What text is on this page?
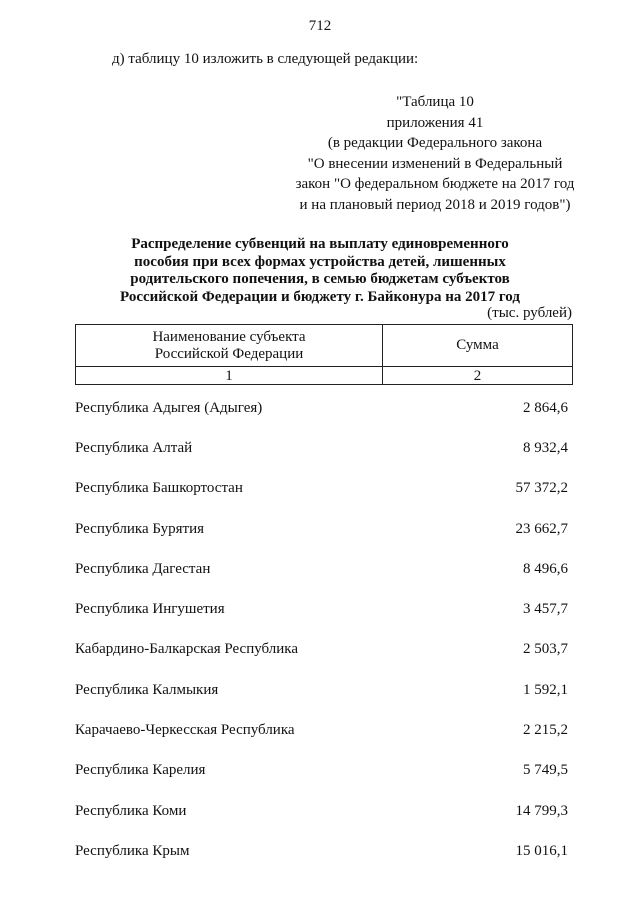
712
д) таблицу 10 изложить в следующей редакции:
"Таблица 10
приложения 41
(в редакции Федерального закона
"О внесении изменений в Федеральный
закон "О федеральном бюджете на 2017 год
и на плановый период 2018 и 2019 годов")
Распределение субвенций на выплату единовременного
пособия при всех формах устройства детей, лишенных
родительского попечения, в семью бюджетам субъектов
Российской Федерации и бюджету г. Байконура на 2017 год
(тыс. рублей)
Наименование субъекта
Российской Федерации	Сумма
1	2
Республика Адыгея (Адыгея)	2 864,6
Республика Алтай	8 932,4
Республика Башкортостан	57 372,2
Республика Бурятия	23 662,7
Республика Дагестан	8 496,6
Республика Ингушетия	3 457,7
Кабардино-Балкарская Республика	2 503,7
Республика Калмыкия	1 592,1
Карачаево-Черкесская Республика	2 215,2
Республика Карелия	5 749,5
Республика Коми	14 799,3
Республика Крым	15 016,1
